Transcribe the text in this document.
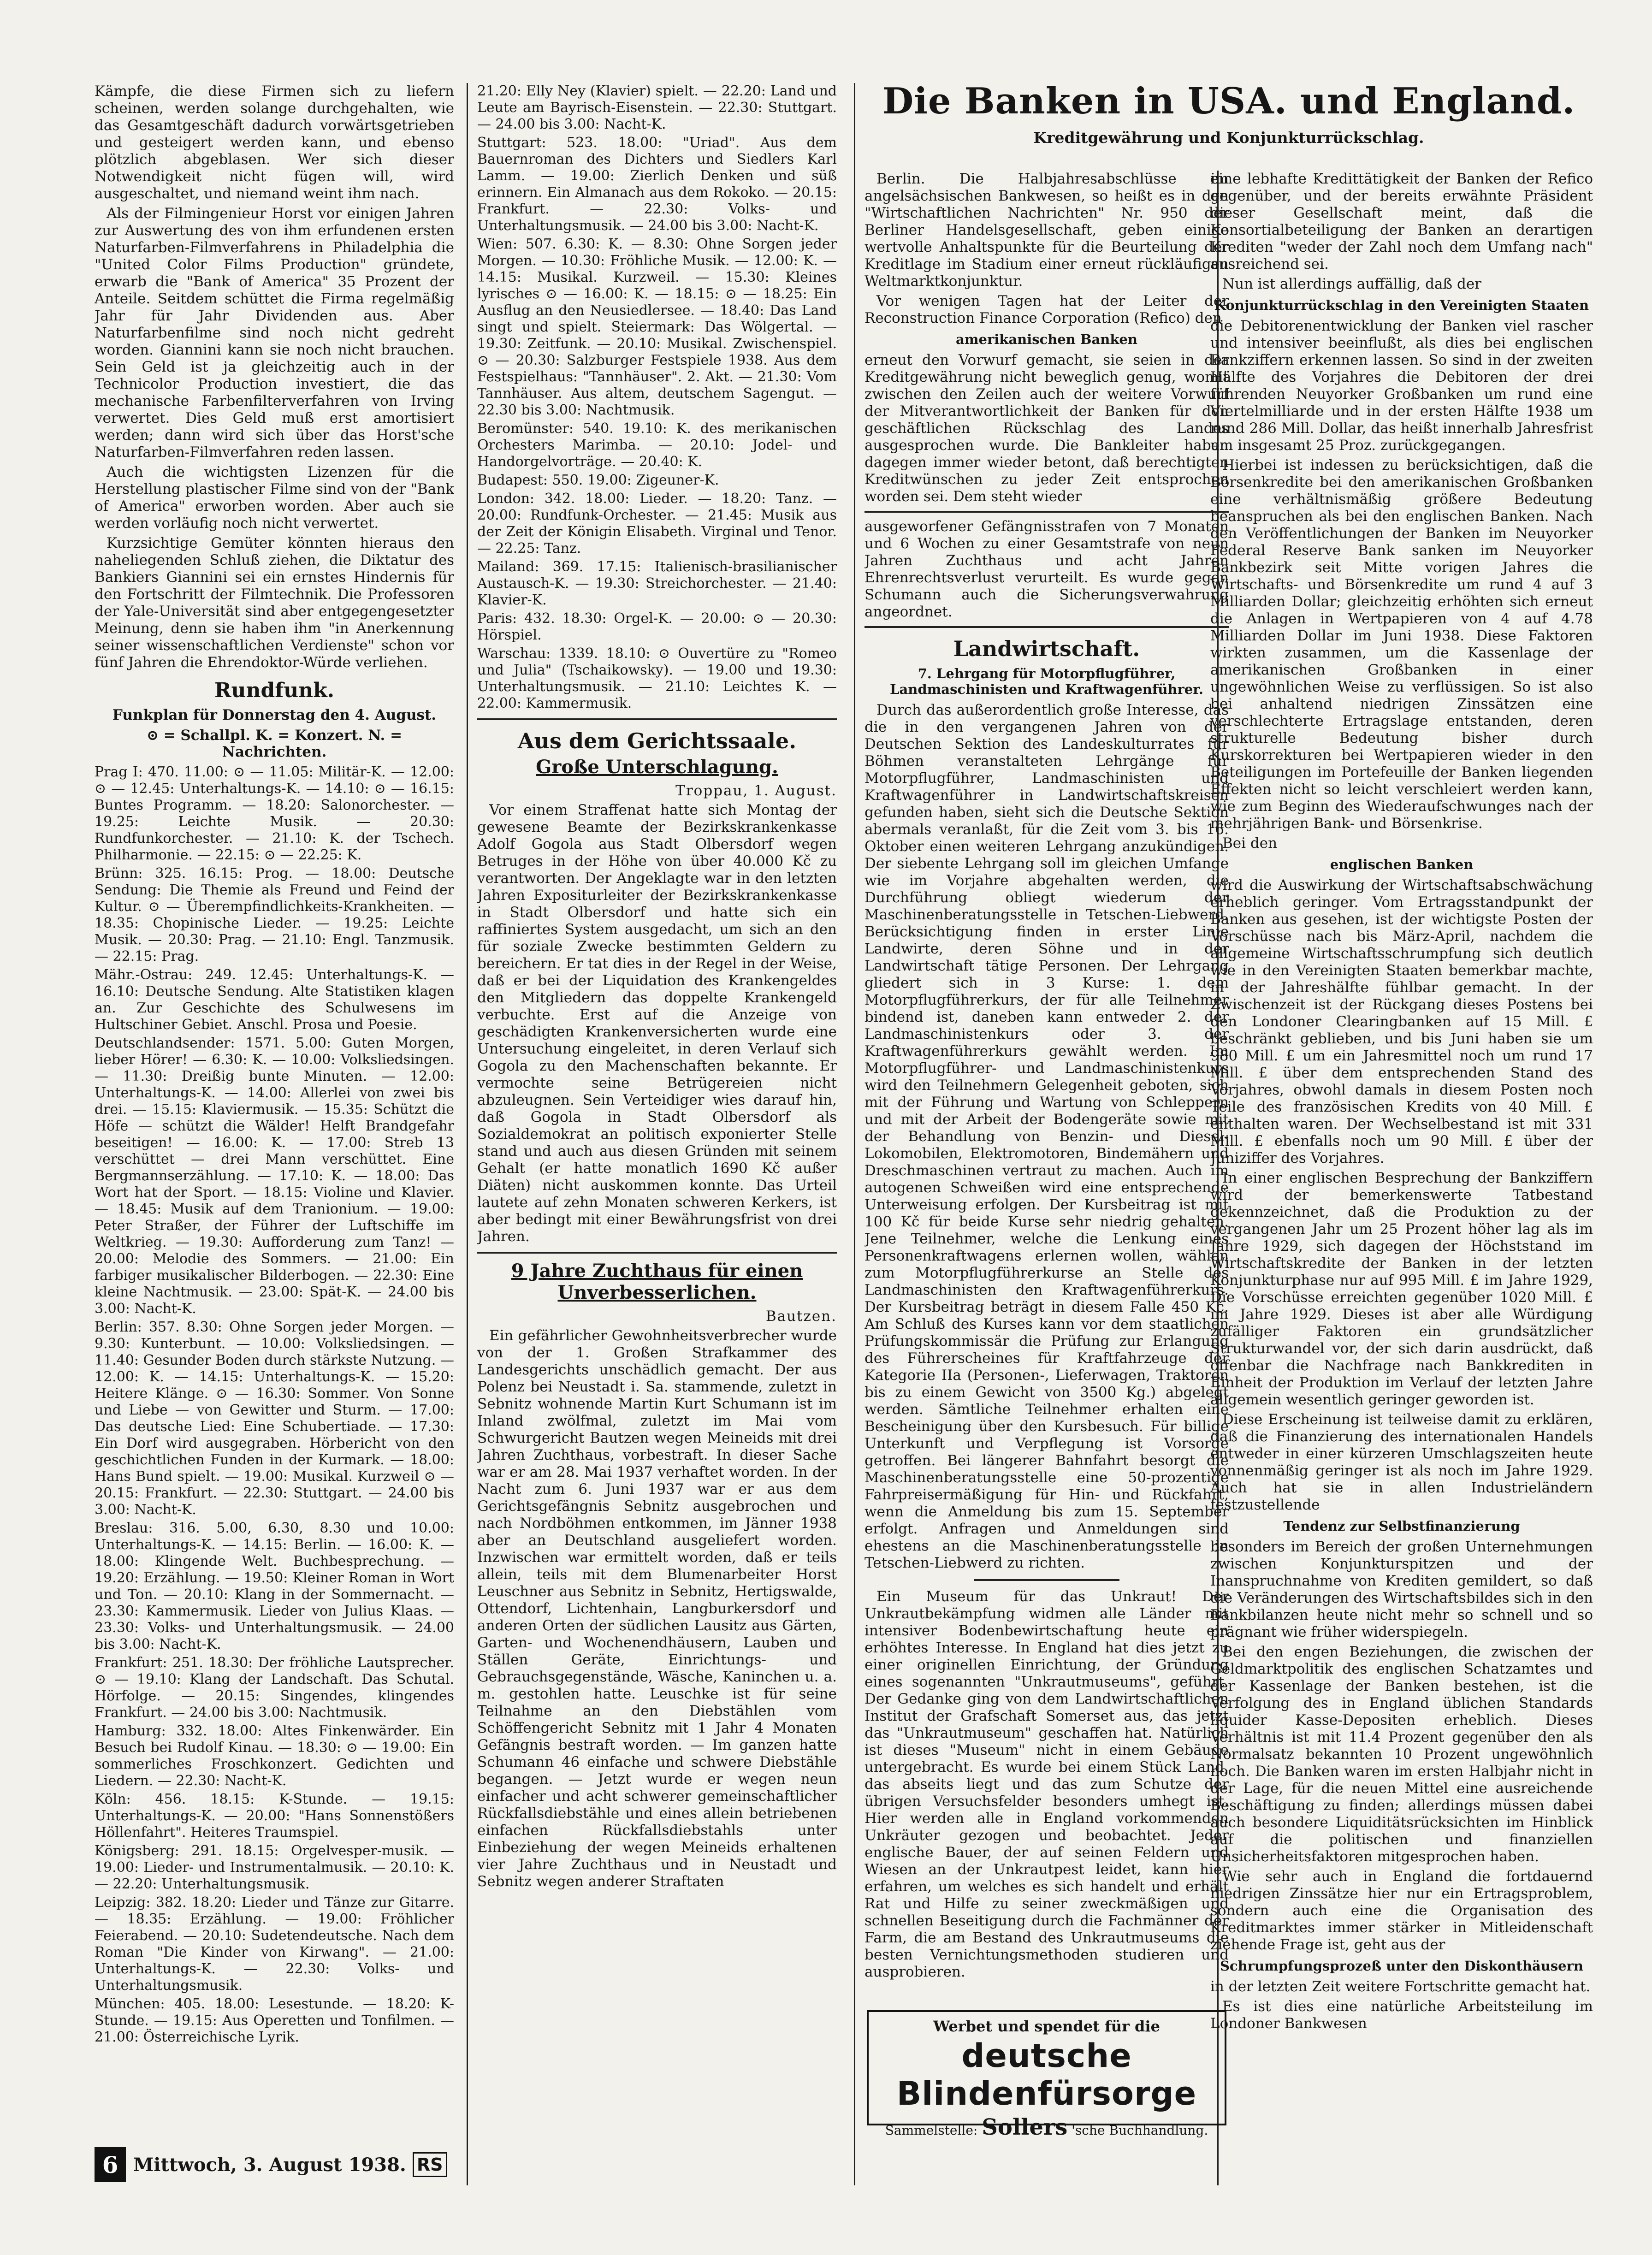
Die Banken in USA. und England.
Kreditgewährung und Konjunkturrückschlag.

Kämpfe, die diese Firmen sich zu liefern scheinen, werden solange durchgehalten, wie das Gesamtgeschäft dadurch vorwärtsgetrieben und gesteigert werden kann, und ebenso plötzlich abgeblasen. Wer sich dieser Notwendigkeit nicht fügen will, wird ausgeschaltet, und niemand weint ihm nach.

Als der Filmingenieur Horst vor einigen Jahren zur Auswertung des von ihm erfundenen ersten Naturfarben-Filmverfahrens in Philadelphia die "United Color Films Production" gründete, erwarb die "Bank of America" 35 Prozent der Anteile. Seitdem schüttet die Firma regelmäßig Jahr für Jahr Dividenden aus. Aber Naturfarbenfilme sind noch nicht gedreht worden. Giannini kann sie noch nicht brauchen. Sein Geld ist ja gleichzeitig auch in der Technicolor Production investiert, die das mechanische Farbenfilterverfahren von Irving verwertet. Dies Geld muß erst amortisiert werden; dann wird sich über das Horst'sche Naturfarben-Filmverfahren reden lassen.

Auch die wichtigsten Lizenzen für die Herstellung plastischer Filme sind von der "Bank of America" erworben worden. Aber auch sie werden vorläufig noch nicht verwertet.

Kurzsichtige Gemüter könnten hieraus den naheliegenden Schluß ziehen, die Diktatur des Bankiers Giannini sei ein ernstes Hindernis für den Fortschritt der Filmtechnik. Die Professoren der Yale-Universität sind aber entgegengesetzter Meinung, denn sie haben ihm "in Anerkennung seiner wissenschaftlichen Verdienste" schon vor fünf Jahren die Ehrendoktor-Würde verliehen.

Rundfunk.
Funkplan für Donnerstag den 4. August.
⊙ = Schallpl. K. = Konzert. N. = Nachrichten.
Prag I: 470. 11.00: ⊙ — 11.05: Militär-K. — 12.00: ⊙ — 12.45: Unterhaltungs-K. — 14.10: ⊙ — 16.15: Buntes Programm. — 18.20: Salonorchester. — 19.25: Leichte Musik. — 20.30: Rundfunkorchester. — 21.10: K. der Tschech. Philharmonie. — 22.15: ⊙ — 22.25: K.
Brünn: 325. 16.15: Prog. — 18.00: Deutsche Sendung: Die Themie als Freund und Feind der Kultur. ⊙ — Überempfindlichkeits-Krankheiten. — 18.35: Chopinische Lieder. — 19.25: Leichte Musik. — 20.30: Prag. — 21.10: Engl. Tanzmusik. — 22.15: Prag.
Mähr.-Ostrau: 249. 12.45: Unterhaltungs-K. — 16.10: Deutsche Sendung. Alte Statistiken klagen an. Zur Geschichte des Schulwesens im Hultschiner Gebiet. Anschl. Prosa und Poesie.
Deutschlandsender: 1571. 5.00: Guten Morgen, lieber Hörer! — 6.30: K. — 10.00: Volksliedsingen. — 11.30: Dreißig bunte Minuten. — 12.00: Unterhaltungs-K. — 14.00: Allerlei von zwei bis drei. — 15.15: Klaviermusik. — 15.35: Schützt die Höfe — schützt die Wälder! Helft Brandgefahr beseitigen! — 16.00: K. — 17.00: Streb 13 verschüttet — drei Mann verschüttet. Eine Bergmannserzählung. — 17.10: K. — 18.00: Das Wort hat der Sport. — 18.15: Violine und Klavier. — 18.45: Musik auf dem Tranionium. — 19.00: Peter Straßer, der Führer der Luftschiffe im Weltkrieg. — 19.30: Aufforderung zum Tanz! — 20.00: Melodie des Sommers. — 21.00: Ein farbiger musikalischer Bilderbogen. — 22.30: Eine kleine Nachtmusik. — 23.00: Spät-K. — 24.00 bis 3.00: Nacht-K.
Berlin: 357. 8.30: Ohne Sorgen jeder Morgen. — 9.30: Kunterbunt. — 10.00: Volksliedsingen. — 11.40: Gesunder Boden durch stärkste Nutzung. — 12.00: K. — 14.15: Unterhaltungs-K. — 15.20: Heitere Klänge. ⊙ — 16.30: Sommer. Von Sonne und Liebe — von Gewitter und Sturm. — 17.00: Das deutsche Lied: Eine Schubertiade. — 17.30: Ein Dorf wird ausgegraben. Hörbericht von den geschichtlichen Funden in der Kurmark. — 18.00: Hans Bund spielt. — 19.00: Musikal. Kurzweil ⊙ — 20.15: Frankfurt. — 22.30: Stuttgart. — 24.00 bis 3.00: Nacht-K.
Breslau: 316. 5.00, 6.30, 8.30 und 10.00: Unterhaltungs-K. — 14.15: Berlin. — 16.00: K. — 18.00: Klingende Welt. Buchbesprechung. — 19.20: Erzählung. — 19.50: Kleiner Roman in Wort und Ton. — 20.10: Klang in der Sommernacht. — 23.30: Kammermusik. Lieder von Julius Klaas. — 23.30: Volks- und Unterhaltungsmusik. — 24.00 bis 3.00: Nacht-K.
Frankfurt: 251. 18.30: Der fröhliche Lautsprecher. ⊙ — 19.10: Klang der Landschaft. Das Schutal. Hörfolge. — 20.15: Singendes, klingendes Frankfurt. — 24.00 bis 3.00: Nachtmusik.
Hamburg: 332. 18.00: Altes Finkenwärder. Ein Besuch bei Rudolf Kinau. — 18.30: ⊙ — 19.00: Ein sommerliches Froschkonzert. Gedichten und Liedern. — 22.30: Nacht-K.
Köln: 456. 18.15: K-Stunde. — 19.15: Unterhaltungs-K. — 20.00: "Hans Sonnenstößers Höllenfahrt". Heiteres Traumspiel.
Königsberg: 291. 18.15: Orgelvesper-musik. — 19.00: Lieder- und Instrumentalmusik. — 20.10: K. — 22.20: Unterhaltungsmusik.
Leipzig: 382. 18.20: Lieder und Tänze zur Gitarre. — 18.35: Erzählung. — 19.00: Fröhlicher Feierabend. — 20.10: Sudetendeutsche. Nach dem Roman "Die Kinder von Kirwang". — 21.00: Unterhaltungs-K. — 22.30: Volks- und Unterhaltungsmusik.
München: 405. 18.00: Lesestunde. — 18.20: K-Stunde. — 19.15: Aus Operetten und Tonfilmen. — 21.00: Österreichische Lyrik.
21.20: Elly Ney (Klavier) spielt. — 22.20: Land und Leute am Bayrisch-Eisenstein. — 22.30: Stuttgart. — 24.00 bis 3.00: Nacht-K.
Stuttgart: 523. 18.00: "Uriad". Aus dem Bauernroman des Dichters und Siedlers Karl Lamm. — 19.00: Zierlich Denken und süß erinnern. Ein Almanach aus dem Rokoko. — 20.15: Frankfurt. — 22.30: Volks- und Unterhaltungsmusik. — 24.00 bis 3.00: Nacht-K.
Wien: 507. 6.30: K. — 8.30: Ohne Sorgen jeder Morgen. — 10.30: Fröhliche Musik. — 12.00: K. — 14.15: Musikal. Kurzweil. — 15.30: Kleines lyrisches ⊙ — 16.00: K. — 18.15: ⊙ — 18.25: Ein Ausflug an den Neusiedlersee. — 18.40: Das Land singt und spielt. Steiermark: Das Wölgertal. — 19.30: Zeitfunk. — 20.10: Musikal. Zwischenspiel. ⊙ — 20.30: Salzburger Festspiele 1938. Aus dem Festspielhaus: "Tannhäuser". 2. Akt. — 21.30: Vom Tannhäuser. Aus altem, deutschem Sagengut. — 22.30 bis 3.00: Nachtmusik.
Beromünster: 540. 19.10: K. des merikanischen Orchesters Marimba. — 20.10: Jodel- und Handorgelvorträge. — 20.40: K.
Budapest: 550. 19.00: Zigeuner-K.
London: 342. 18.00: Lieder. — 18.20: Tanz. — 20.00: Rundfunk-Orchester. — 21.45: Musik aus der Zeit der Königin Elisabeth. Virginal und Tenor. — 22.25: Tanz.
Mailand: 369. 17.15: Italienisch-brasilianischer Austausch-K. — 19.30: Streichorchester. — 21.40: Klavier-K.
Paris: 432. 18.30: Orgel-K. — 20.00: ⊙ — 20.30: Hörspiel.
Warschau: 1339. 18.10: ⊙ Ouvertüre zu "Romeo und Julia" (Tschaikowsky). — 19.00 und 19.30: Unterhaltungsmusik. — 21.10: Leichtes K. — 22.00: Kammermusik.
Aus dem Gerichtssaale.
Große Unterschlagung.
Troppau, 1. August.

Vor einem Straffenat hatte sich Montag der gewesene Beamte der Bezirkskrankenkasse Adolf Gogola aus Stadt Olbersdorf wegen Betruges in der Höhe von über 40.000 Kč zu verantworten. Der Angeklagte war in den letzten Jahren Expositurleiter der Bezirkskrankenkasse in Stadt Olbersdorf und hatte sich ein raffiniertes System ausgedacht, um sich an den für soziale Zwecke bestimmten Geldern zu bereichern. Er tat dies in der Regel in der Weise, daß er bei der Liquidation des Krankengeldes den Mitgliedern das doppelte Krankengeld verbuchte. Erst auf die Anzeige von geschädigten Krankenversicherten wurde eine Untersuchung eingeleitet, in deren Verlauf sich Gogola zu den Machenschaften bekannte. Er vermochte seine Betrügereien nicht abzuleugnen. Sein Verteidiger wies darauf hin, daß Gogola in Stadt Olbersdorf als Sozialdemokrat an politisch exponierter Stelle stand und auch aus diesen Gründen mit seinem Gehalt (er hatte monatlich 1690 Kč außer Diäten) nicht auskommen konnte. Das Urteil lautete auf zehn Monaten schweren Kerkers, ist aber bedingt mit einer Bewährungsfrist von drei Jahren.

9 Jahre Zuchthaus für einen Unverbesserlichen.
Bautzen.

Ein gefährlicher Gewohnheitsverbrecher wurde von der 1. Großen Strafkammer des Landesgerichts unschädlich gemacht. Der aus Polenz bei Neustadt i. Sa. stammende, zuletzt in Sebnitz wohnende Martin Kurt Schumann ist im Inland zwölfmal, zuletzt im Mai vom Schwurgericht Bautzen wegen Meineids mit drei Jahren Zuchthaus, vorbestraft. In dieser Sache war er am 28. Mai 1937 verhaftet worden. In der Nacht zum 6. Juni 1937 war er aus dem Gerichtsgefängnis Sebnitz ausgebrochen und nach Nordböhmen entkommen, im Jänner 1938 aber an Deutschland ausgeliefert worden. Inzwischen war ermittelt worden, daß er teils allein, teils mit dem Blumenarbeiter Horst Leuschner aus Sebnitz in Sebnitz, Hertigswalde, Ottendorf, Lichtenhain, Langburkersdorf und anderen Orten der südlichen Lausitz aus Gärten, Garten- und Wochenendhäusern, Lauben und Ställen Geräte, Einrichtungs- und Gebrauchsgegenstände, Wäsche, Kaninchen u. a. m. gestohlen hatte. Leuschke ist für seine Teilnahme an den Diebstählen vom Schöffengericht Sebnitz mit 1 Jahr 4 Monaten Gefängnis bestraft worden. — Im ganzen hatte Schumann 46 einfache und schwere Diebstähle begangen. — Jetzt wurde er wegen neun einfacher und acht schwerer gemeinschaftlicher Rückfallsdiebstähle und eines allein betriebenen einfachen Rückfallsdiebstahls unter Einbeziehung der wegen Meineids erhaltenen vier Jahre Zuchthaus und in Neustadt und Sebnitz wegen anderer Straftaten

Berlin. Die Halbjahresabschlüsse im angelsächsischen Bankwesen, so heißt es in den "Wirtschaftlichen Nachrichten" Nr. 950 der Berliner Handelsgesellschaft, geben einige wertvolle Anhaltspunkte für die Beurteilung der Kreditlage im Stadium einer erneut rückläufigen Weltmarktkonjunktur.

Vor wenigen Tagen hat der Leiter der Reconstruction Finance Corporation (Refico) den

amerikanischen Banken

erneut den Vorwurf gemacht, sie seien in der Kreditgewährung nicht beweglich genug, womit zwischen den Zeilen auch der weitere Vorwurf der Mitverantwortlichkeit der Banken für den geschäftlichen Rückschlag des Landes ausgesprochen wurde. Die Bankleiter haben dagegen immer wieder betont, daß berechtigten Kreditwünschen zu jeder Zeit entsprochen worden sei. Dem steht wieder

ausgeworfener Gefängnisstrafen von 7 Monaten und 6 Wochen zu einer Gesamtstrafe von neun Jahren Zuchthaus und acht Jahren Ehrenrechtsverlust verurteilt. Es wurde gegen Schumann auch die Sicherungsverwahrung angeordnet.

Landwirtschaft.
7. Lehrgang für Motorpflugführer, Landmaschinisten und Kraftwagenführer.

Durch das außerordentlich große Interesse, das die in den vergangenen Jahren von der Deutschen Sektion des Landeskulturrates für Böhmen veranstalteten Lehrgänge für Motorpflugführer, Landmaschinisten und Kraftwagenführer in Landwirtschaftskreisen gefunden haben, sieht sich die Deutsche Sektion abermals veranlaßt, für die Zeit vom 3. bis 16. Oktober einen weiteren Lehrgang anzukündigen. Der siebente Lehrgang soll im gleichen Umfange wie im Vorjahre abgehalten werden, die Durchführung obliegt wiederum der Maschinenberatungsstelle in Tetschen-Liebwerd. Berücksichtigung finden in erster Linie Landwirte, deren Söhne und in der Landwirtschaft tätige Personen. Der Lehrgang gliedert sich in 3 Kurse: 1. dem Motorpflugführerkurs, der für alle Teilnehmer bindend ist, daneben kann entweder 2. der Landmaschinistenkurs oder 3. der Kraftwagenführerkurs gewählt werden. Im Motorpflugführer- und Landmaschinistenkurs wird den Teilnehmern Gelegenheit geboten, sich mit der Führung und Wartung von Schleppern und mit der Arbeit der Bodengeräte sowie mit der Behandlung von Benzin- und Diesel-Lokomobilen, Elektromotoren, Bindemähern und Dreschmaschinen vertraut zu machen. Auch im autogenen Schweißen wird eine entsprechende Unterweisung erfolgen. Der Kursbeitrag ist mit 100 Kč für beide Kurse sehr niedrig gehalten. Jene Teilnehmer, welche die Lenkung eines Personenkraftwagens erlernen wollen, wählen zum Motorpflugführerkurse an Stelle des Landmaschinisten den Kraftwagenführerkurs. Der Kursbeitrag beträgt in diesem Falle 450 Kč. Am Schluß des Kurses kann vor dem staatlichen Prüfungskommissär die Prüfung zur Erlangung des Führerscheines für Kraftfahrzeuge der Kategorie IIa (Personen-, Lieferwagen, Traktoren bis zu einem Gewicht von 3500 Kg.) abgelegt werden. Sämtliche Teilnehmer erhalten eine Bescheinigung über den Kursbesuch. Für billige Unterkunft und Verpflegung ist Vorsorge getroffen. Bei längerer Bahnfahrt besorgt die Maschinenberatungsstelle eine 50-prozentige Fahrpreisermäßigung für Hin- und Rückfahrt, wenn die Anmeldung bis zum 15. September erfolgt. Anfragen und Anmeldungen sind ehestens an die Maschinenberatungsstelle in Tetschen-Liebwerd zu richten.

Ein Museum für das Unkraut! Der Unkrautbekämpfung widmen alle Länder mit intensiver Bodenbewirtschaftung heute ein erhöhtes Interesse. In England hat dies jetzt zu einer originellen Einrichtung, der Gründung eines sogenannten "Unkrautmuseums", geführt. Der Gedanke ging von dem Landwirtschaftlichen Institut der Grafschaft Somerset aus, das jetzt das "Unkrautmuseum" geschaffen hat. Natürlich ist dieses "Museum" nicht in einem Gebäude untergebracht. Es wurde bei einem Stück Land, das abseits liegt und das zum Schutze der übrigen Versuchsfelder besonders umhegt ist. Hier werden alle in England vorkommenden Unkräuter gezogen und beobachtet. Jeder englische Bauer, der auf seinen Feldern und Wiesen an der Unkrautpest leidet, kann hier erfahren, um welches es sich handelt und erhält Rat und Hilfe zu seiner zweckmäßigen und schnellen Beseitigung durch die Fachmänner der Farm, die am Bestand des Unkrautmuseums die besten Vernichtungsmethoden studieren und ausprobieren.

eine lebhafte Kredittätigkeit der Banken der Refico gegenüber, und der bereits erwähnte Präsident dieser Gesellschaft meint, daß die Konsortialbeteiligung der Banken an derartigen Krediten "weder der Zahl noch dem Umfang nach" ausreichend sei.

Nun ist allerdings auffällig, daß der

Konjunkturrückschlag in den Vereinigten Staaten

die Debitorenentwicklung der Banken viel rascher und intensiver beeinflußt, als dies bei englischen Bankziffern erkennen lassen. So sind in der zweiten Hälfte des Vorjahres die Debitoren der drei führenden Neuyorker Großbanken um rund eine Viertelmilliarde und in der ersten Hälfte 1938 um rund 286 Mill. Dollar, das heißt innerhalb Jahresfrist um insgesamt 25 Proz. zurückgegangen.

Hierbei ist indessen zu berücksichtigen, daß die Börsenkredite bei den amerikanischen Großbanken eine verhältnismäßig größere Bedeutung beanspruchen als bei den englischen Banken. Nach den Veröffentlichungen der Banken im Neuyorker Federal Reserve Bank sanken im Neuyorker Bankbezirk seit Mitte vorigen Jahres die Wirtschafts- und Börsenkredite um rund 4 auf 3 Milliarden Dollar; gleichzeitig erhöhten sich erneut die Anlagen in Wertpapieren von 4 auf 4.78 Milliarden Dollar im Juni 1938. Diese Faktoren wirkten zusammen, um die Kassenlage der amerikanischen Großbanken in einer ungewöhnlichen Weise zu verflüssigen. So ist also bei anhaltend niedrigen Zinssätzen eine verschlechterte Ertragslage entstanden, deren strukturelle Bedeutung bisher durch Kurskorrekturen bei Wertpapieren wieder in den Beteiligungen im Portefeuille der Banken liegenden Effekten nicht so leicht verschleiert werden kann, wie zum Beginn des Wiederaufschwunges nach der mehrjährigen Bank- und Börsenkrise.

Bei den

englischen Banken

wird die Auswirkung der Wirtschaftsabschwächung erheblich geringer. Vom Ertragsstandpunkt der Banken aus gesehen, ist der wichtigste Posten der Vorschüsse nach bis März-April, nachdem die allgemeine Wirtschaftsschrumpfung sich deutlich wie in den Vereinigten Staaten bemerkbar machte, in der Jahreshälfte fühlbar gemacht. In der Zwischenzeit ist der Rückgang dieses Postens bei den Londoner Clearingbanken auf 15 Mill. £ beschränkt geblieben, und bis Juni haben sie um 980 Mill. £ um ein Jahresmittel noch um rund 17 Mill. £ über dem entsprechenden Stand des Vorjahres, obwohl damals in diesem Posten noch Teile des französischen Kredits von 40 Mill. £ enthalten waren. Der Wechselbestand ist mit 331 Mill. £ ebenfalls noch um 90 Mill. £ über der Juniziffer des Vorjahres.

In einer englischen Besprechung der Bankziffern wird der bemerkenswerte Tatbestand gekennzeichnet, daß die Produktion zu der vergangenen Jahr um 25 Prozent höher lag als im Jahre 1929, sich dagegen der Höchststand im Wirtschaftskredite der Banken in der letzten Konjunkturphase nur auf 995 Mill. £ im Jahre 1929, Die Vorschüsse erreichten gegenüber 1020 Mill. £ im Jahre 1929. Dieses ist aber alle Würdigung zufälliger Faktoren ein grundsätzlicher Strukturwandel vor, der sich darin ausdrückt, daß offenbar die Nachfrage nach Bankkrediten in Einheit der Produktion im Verlauf der letzten Jahre allgemein wesentlich geringer geworden ist.

Diese Erscheinung ist teilweise damit zu erklären, daß die Finanzierung des internationalen Handels entweder in einer kürzeren Umschlagszeiten heute vonnenmäßig geringer ist als noch im Jahre 1929. Auch hat sie in allen Industrieländern festzustellende

Tendenz zur Selbstfinanzierung

besonders im Bereich der großen Unternehmungen zwischen Konjunkturspitzen und der Inanspruchnahme von Krediten gemildert, so daß die Veränderungen des Wirtschaftsbildes sich in den Bankbilanzen heute nicht mehr so schnell und so prägnant wie früher widerspiegeln.

Bei den engen Beziehungen, die zwischen der Geldmarktpolitik des englischen Schatzamtes und der Kassenlage der Banken bestehen, ist die Verfolgung des in England üblichen Standards liquider Kasse-Depositen erheblich. Dieses Verhältnis ist mit 11.4 Prozent gegenüber den als Normalsatz bekannten 10 Prozent ungewöhnlich hoch. Die Banken waren im ersten Halbjahr nicht in der Lage, für die neuen Mittel eine ausreichende Beschäftigung zu finden; allerdings müssen dabei auch besondere Liquiditätsrücksichten im Hinblick auf die politischen und finanziellen Unsicherheitsfaktoren mitgesprochen haben.

Wie sehr auch in England die fortdauernd niedrigen Zinssätze hier nur ein Ertragsproblem, sondern auch eine die Organisation des Kreditmarktes immer stärker in Mitleidenschaft ziehende Frage ist, geht aus der

Schrumpfungsprozeß unter den Diskonthäusern

in der letzten Zeit weitere Fortschritte gemacht hat.

Es ist dies eine natürliche Arbeitsteilung im Londoner Bankwesen

Werbet und spendet für die
deutsche Blindenfürsorge
Sammelstelle: Sollers 'sche Buchhandlung.
6 Mittwoch, 3. August 1938. RS
